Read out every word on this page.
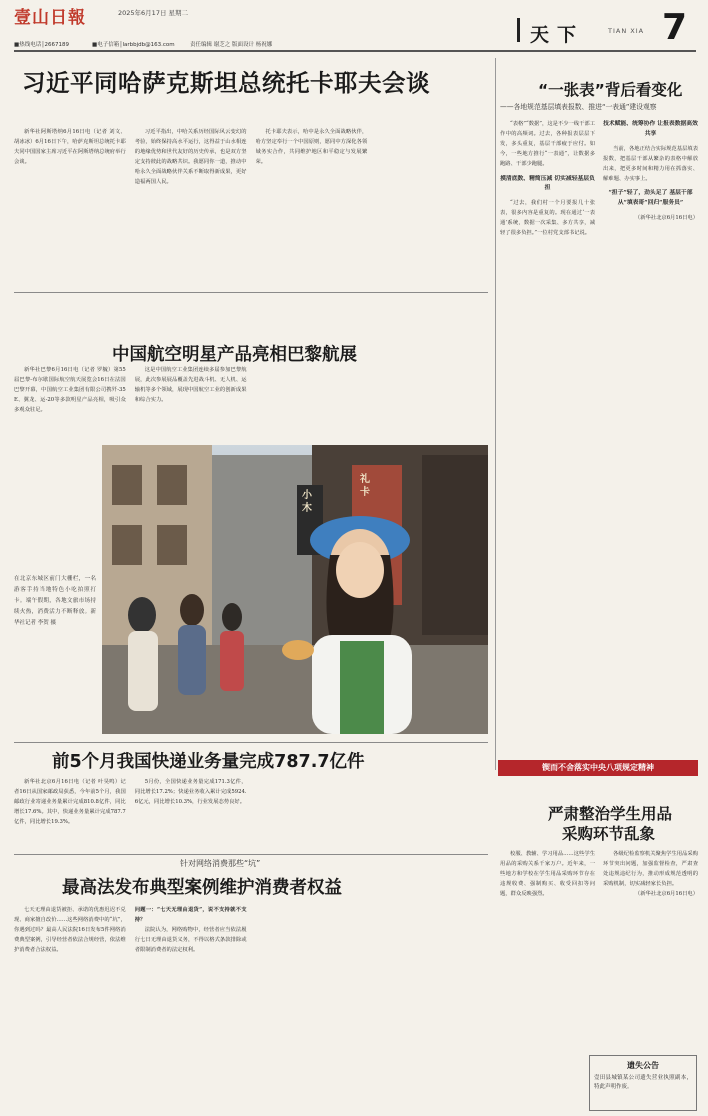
壹山日報	2025年6月17日 星期二
■热线电话│2667189	■电子信箱│larbbjdb@163.com	责任编辑 谢芝之 版面设计 杨祝娜	天下	TIAN XIA 7
习近平同哈萨克斯坦总统托卡耶夫会谈

新华社阿斯塔纳6月16日电（记者 刘文、胡冰冰）6月16日下午，哈萨克斯坦总统托卡耶夫同中国国家主席习近平在阿斯塔纳总统府举行会谈。

习近平指出，中哈关系历经国际风云变幻的考验，始终保持高水平运行，这得益于山水相连的地缘优势和世代友好的历史传承，也是双方坚定支持彼此的战略共识。我愿同你一道，推动中哈永久全面战略伙伴关系不断取得新成果，更好造福两国人民。

托卡耶夫表示，哈中是永久全面战略伙伴，哈方坚定奉行一个中国原则，愿同中方深化各领域务实合作，共同维护地区和平稳定与发展繁荣。

“一张表”背后看变化
——各地规范基层填表报数、推进“一表通”建设观察

“表格”“数据”，这是不少一线干部工作中的高频词。过去，各种报表层层下发，多头重复，基层干部疲于应付。如今，一些地方推行“一表通”，让数据多跑路、干部少跑腿。

摸清底数、精简压减 切实减轻基层负担

“过去，我们村一个月要报几十张表，很多内容是重复的。现在通过‘一表通’系统，数据一次采集、多方共享，减轻了很多负担。”一位村党支部书记说。

技术赋能、统筹协作 让报表数据高效共享

当前，各地正结合实际规范基层填表报数，把基层干部从繁杂的表格中解放出来，把更多时间和精力用在抓落实、解难题、办实事上。

“担子”轻了，劲头足了 基层干部从“填表哥”回归“服务员”

（新华社北京6月16日电）

中国航空明星产品亮相巴黎航展

新华社巴黎6月16日电（记者 罗毓）第55届巴黎-布尔歇国际航空航天展览会16日在法国巴黎开幕，中国航空工业集团有限公司携歼-35E、翼龙、运-20等多款明星产品亮相，吸引众多观众驻足。

这是中国航空工业集团连续多届参加巴黎航展，此次参展展品覆盖先进战斗机、无人机、运输机等多个领域，展现中国航空工业的创新成果和综合实力。

在北京东城区前门大栅栏，一名游客手持当地特色小吃拍照打卡。端午假期，各地文旅市场持续火热，消费活力不断释放。新华社记者 李贺 摄
小 木
礼 卡
前5个月我国快递业务量完成787.7亿件

新华社北京6月16日电（记者 叶昊鸣）记者16日从国家邮政局获悉，今年前5个月，我国邮政行业寄递业务量累计完成810.8亿件，同比增长17.6%。其中，快递业务量累计完成787.7亿件，同比增长19.3%。

5月份，全国快递业务量完成171.3亿件，同比增长17.2%；快递业务收入累计完成5924.6亿元，同比增长10.3%，行业发展态势良好。

锲而不舍落实中央八项规定精神
针对网络消费那些“坑”
最高法发布典型案例维护消费者权益

七天无理由退货被拒、承诺的优惠迟迟不兑现、商家擅自改价……这些网络消费中的“坑”，你遇到过吗？最高人民法院16日发布5件网络消费典型案例，引导经营者依法合规经营，依法维护消费者合法权益。

问题一：“七天无理由退货”，说不支持就不支持？

法院认为，网络购物中，经营者应当依法履行七日无理由退货义务，不得以格式条款排除或者限制消费者的法定权利。

严肃整治学生用品
采购环节乱象

校服、教辅、学习用品……这些学生用品的采购关系千家万户。近年来，一些地方和学校在学生用品采购环节存在违规收费、强制购买、收受回扣等问题，群众反映强烈。

各级纪检监察机关聚焦学生用品采购环节突出问题，加强监督检查，严肃查处违规违纪行为，推动形成规范透明的采购机制，切实减轻家长负担。

（新华社北京6月16日电）

遗失公告
壹田县城镇某公司遗失营业执照副本，特此声明作废。
